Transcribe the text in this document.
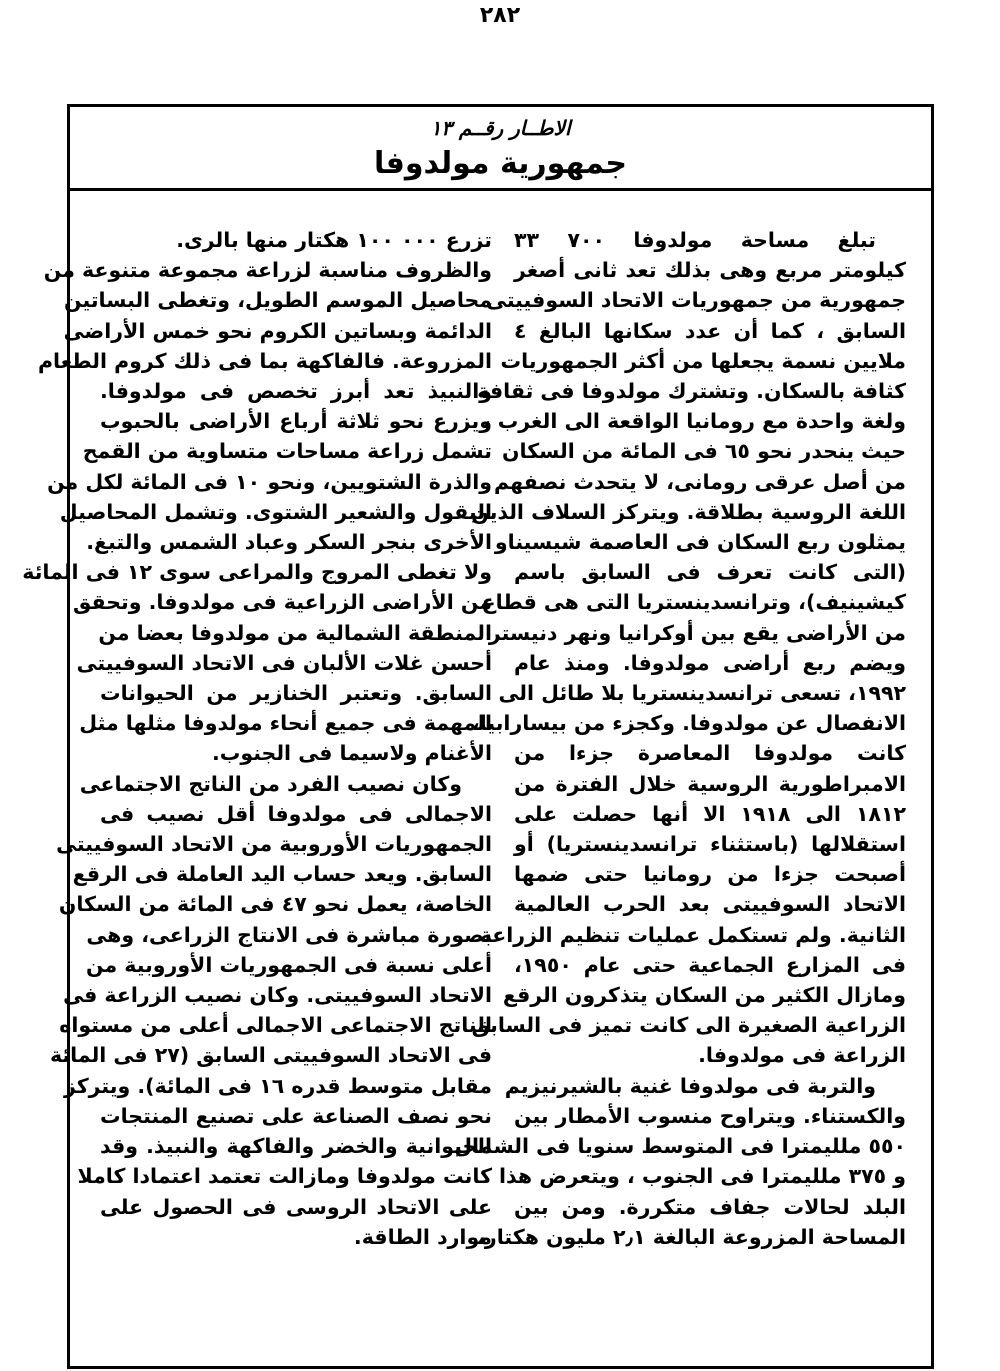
٢٨٢
الاطــار رقــم ١٣
جمهورية مولدوفا
تبلغ مساحة مولدوفا ٧٠٠ ٣٣
كيلومتر مربع وهى بذلك تعد ثانى أصغر
جمهورية من جمهوريات الاتحاد السوفييتى
السابق ، كما أن عدد سكانها البالغ ٤
ملايين نسمة يجعلها من أكثر الجمهوريات
كثافة بالسكان. وتشترك مولدوفا فى ثقافة
ولغة واحدة مع رومانيا الواقعة الى الغرب ،
حيث ينحدر نحو ٦٥ فى المائة من السكان
من أصل عرقى رومانى، لا يتحدث نصفهم
اللغة الروسية بطلاقة. ويتركز السلاف الذين
يمثلون ربع السكان فى العاصمة شيسيناو
(التى كانت تعرف فى السابق باسم
كيشينيف)، وترانسدينستريا التى هى قطاع
من الأراضى يقع بين أوكرانيا ونهر دنيستر
ويضم ربع أراضى مولدوفا. ومنذ عام
١٩٩٢، تسعى ترانسدينستريا بلا طائل الى
الانفصال عن مولدوفا. وكجزء من بيسارابيا،
كانت مولدوفا المعاصرة جزءا من
الامبراطورية الروسية خلال الفترة من
١٨١٢ الى ١٩١٨ الا أنها حصلت على
استقلالها (باستثناء ترانسدينستريا) أو
أصبحت جزءا من رومانيا حتى ضمها
الاتحاد السوفييتى بعد الحرب العالمية
الثانية. ولم تستكمل عمليات تنظيم الزراعة
فى المزارع الجماعية حتى عام ١٩٥٠،
ومازال الكثير من السكان يتذكرون الرقع
الزراعية الصغيرة الى كانت تميز فى السابق
الزراعة فى مولدوفا.
والتربة فى مولدوفا غنية بالشيرنيزيم
والكستناء. ويتراوح منسوب الأمطار بين
٥٥٠ ملليمترا فى المتوسط سنويا فى الشمال
و ٣٧٥ ملليمترا فى الجنوب ، ويتعرض هذا
البلد لحالات جفاف متكررة. ومن بين
المساحة المزروعة البالغة ٢٫١ مليون هكتار،
تزرع ٠٠٠ ١٠٠ هكتار منها بالرى.
والظروف مناسبة لزراعة مجموعة متنوعة من
محاصيل الموسم الطويل، وتغطى البساتين
الدائمة وبساتين الكروم نحو خمس الأراضى
المزروعة. فالفاكهة بما فى ذلك كروم الطعام
والنبيذ تعد أبرز تخصص فى مولدوفا.
ويزرع نحو ثلاثة أرباع الأراضى بالحبوب
تشمل زراعة مساحات متساوية من القمح
والذرة الشتويين، ونحو ١٠ فى المائة لكل من
البقول والشعير الشتوى. وتشمل المحاصيل
الأخرى بنجر السكر وعباد الشمس والتبغ.
ولا تغطى المروج والمراعى سوى ١٢ فى المائة
من الأراضى الزراعية فى مولدوفا. وتحقق
المنطقة الشمالية من مولدوفا بعضا من
أحسن غلات الألبان فى الاتحاد السوفييتى
السابق. وتعتبر الخنازير من الحيوانات
المهمة فى جميع أنحاء مولدوفا مثلها مثل
الأغنام ولاسيما فى الجنوب.
وكان نصيب الفرد من الناتج الاجتماعى
الاجمالى فى مولدوفا أقل نصيب فى
الجمهوريات الأوروبية من الاتحاد السوفييتى
السابق. ويعد حساب اليد العاملة فى الرقع
الخاصة، يعمل نحو ٤٧ فى المائة من السكان
بصورة مباشرة فى الانتاج الزراعى، وهى
أعلى نسبة فى الجمهوريات الأوروبية من
الاتحاد السوفييتى. وكان نصيب الزراعة فى
الناتج الاجتماعى الاجمالى أعلى من مستواه
فى الاتحاد السوفييتى السابق (٢٧ فى المائة
مقابل متوسط قدره ١٦ فى المائة). ويتركز
نحو نصف الصناعة على تصنيع المنتجات
الحيوانية والخضر والفاكهة والنبيذ. وقد
كانت مولدوفا ومازالت تعتمد اعتمادا كاملا
على الاتحاد الروسى فى الحصول على
موارد الطاقة.
